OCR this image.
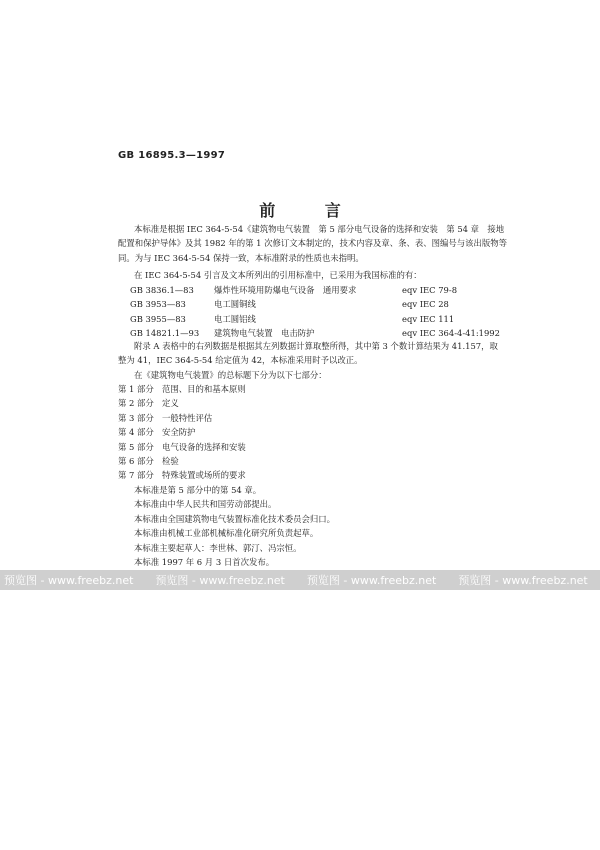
GB 16895.3—1997
前 言
本标准是根据 IEC 364-5-54《建筑物电气装置　第 5 部分电气设备的选择和安装　第 54 章　接地
配置和保护导体》及其 1982 年的第 1 次修订文本制定的，技术内容及章、条、表、图编号与该出版物等
同。为与 IEC 364-5-54 保持一致，本标准附录的性质也未指明。
在 IEC 364-5-54 引言及文本所列出的引用标准中，已采用为我国标准的有：
GB 3836.1—83	爆炸性环境用防爆电气设备　通用要求	eqv IEC 79-8
GB 3953—83	电工圆铜线	eqv IEC 28
GB 3955—83	电工圆铝线	eqv IEC 111
GB 14821.1—93	建筑物电气装置　电击防护	eqv IEC 364-4-41:1992
附录 A 表格中的右列数据是根据其左列数据计算取整所得，其中第 3 个数计算结果为 41.157，取
整为 41，IEC 364-5-54 给定值为 42，本标准采用时予以改正。
在《建筑物电气装置》的总标题下分为以下七部分：
第 1 部分 范围、目的和基本原则
第 2 部分 定义
第 3 部分 一般特性评估
第 4 部分 安全防护
第 5 部分 电气设备的选择和安装
第 6 部分 检验
第 7 部分 特殊装置或场所的要求
本标准是第 5 部分中的第 54 章。
本标准由中华人民共和国劳动部提出。
本标准由全国建筑物电气装置标准化技术委员会归口。
本标准由机械工业部机械标准化研究所负责起草。
本标准主要起草人：李世林、郭汀、冯宗恒。
本标准 1997 年 6 月 3 日首次发布。
预览图 - www.freebz.net 预览图 - www.freebz.net 预览图 - www.freebz.net 预览图 - www.freebz.net
